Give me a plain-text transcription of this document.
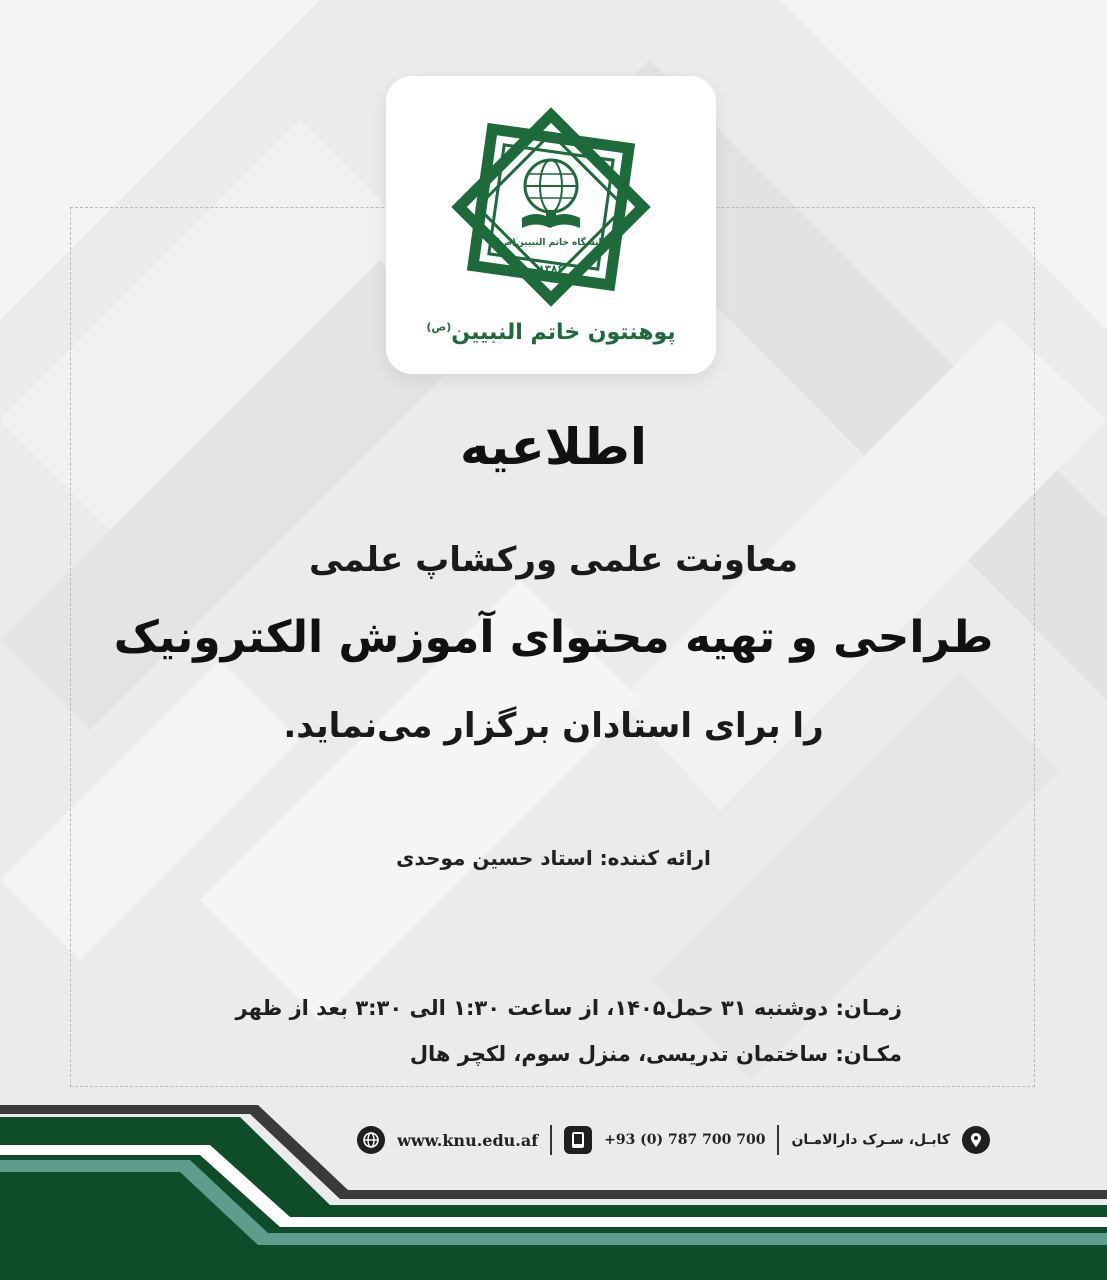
دانشگاه خاتم النبیین(ص)
۱۳۸۶
پوهنتون خاتم النبیین$^{(ص)}$
اطلاعیه
معاونت علمی ورکشاپ علمی
طراحی و تهیه محتوای آموزش الکترونیک
را برای استادان برگزار می‌نماید.
ارائه کننده: استاد حسین موحدی
زمـان: دوشنبه ۳۱ حمل۱۴۰۵، از ساعت ۱:۳۰ الی ۳:۳۰ بعد از ظهر
مکـان: ساختمان تدریسی، منزل سوم، لکچر هال
کابـل، سـرک دارالامـان
+93 (0) 787 700 700
www.knu.edu.af
